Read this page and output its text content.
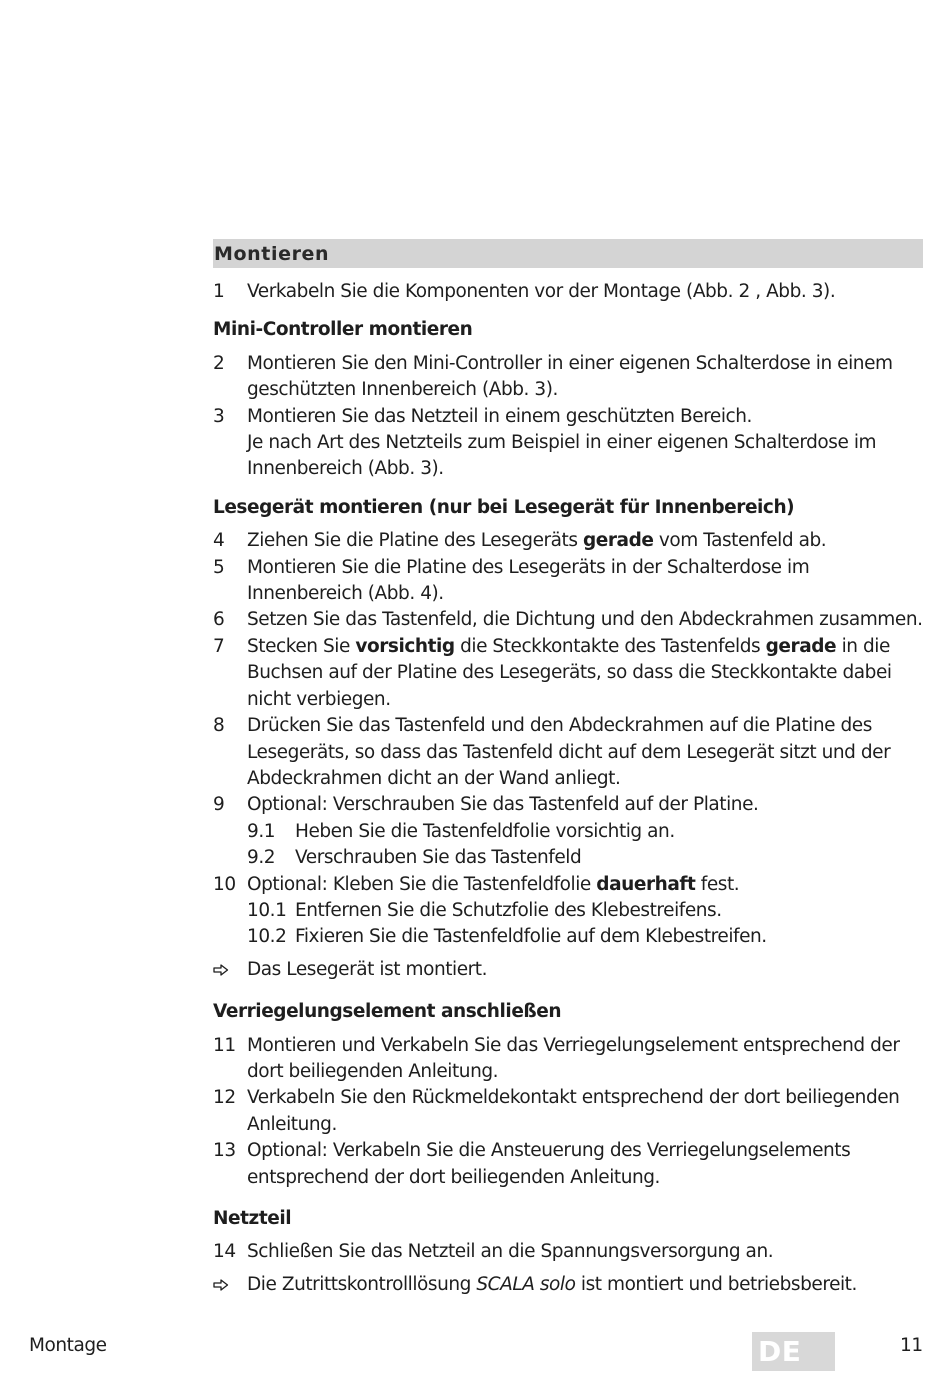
Montieren
1	Verkabeln Sie die Komponenten vor der Montage (Abb. 2 , Abb. 3).
Mini-Controller montieren
2	Montieren Sie den Mini-Controller in einer eigenen Schalterdose in einem geschützten Innenbereich (Abb. 3).
3	Montieren Sie das Netzteil in einem geschützten Bereich.
Je nach Art des Netzteils zum Beispiel in einer eigenen Schalterdose im Innenbereich (Abb. 3).
Lesegerät montieren (nur bei Lesegerät für Innenbereich)
4	Ziehen Sie die Platine des Lesegeräts gerade vom Tastenfeld ab.
5	Montieren Sie die Platine des Lesegeräts in der Schalterdose im Innenbereich (Abb. 4).
6	Setzen Sie das Tastenfeld, die Dichtung und den Abdeckrahmen zusammen.
7	Stecken Sie vorsichtig die Steckkontakte des Tastenfelds gerade in die Buchsen auf der Platine des Lesegeräts, so dass die Steckkontakte dabei nicht verbiegen.
8	Drücken Sie das Tastenfeld und den Abdeckrahmen auf die Platine des Lesegeräts, so dass das Tastenfeld dicht auf dem Lesegerät sitzt und der Abdeckrahmen dicht an der Wand anliegt.
9	Optional: Verschrauben Sie das Tastenfeld auf der Platine.
9.1	Heben Sie die Tastenfeldfolie vorsichtig an.
9.2	Verschrauben Sie das Tastenfeld
10 Optional: Kleben Sie die Tastenfeldfolie dauerhaft fest.
10.1 Entfernen Sie die Schutzfolie des Klebestreifens.
10.2 Fixieren Sie die Tastenfeldfolie auf dem Klebestreifen.
Das Lesegerät ist montiert.
Verriegelungselement anschließen
11 Montieren und Verkabeln Sie das Verriegelungselement entsprechend der dort beiliegenden Anleitung.
12 Verkabeln Sie den Rückmeldekontakt entsprechend der dort beiliegenden Anleitung.
13 Optional: Verkabeln Sie die Ansteuerung des Verriegelungselements entsprechend der dort beiliegenden Anleitung.
Netzteil
14 Schließen Sie das Netzteil an die Spannungsversorgung an.
Die Zutrittskontrolllösung SCALA solo ist montiert und betriebsbereit.
Montage	DE	11
